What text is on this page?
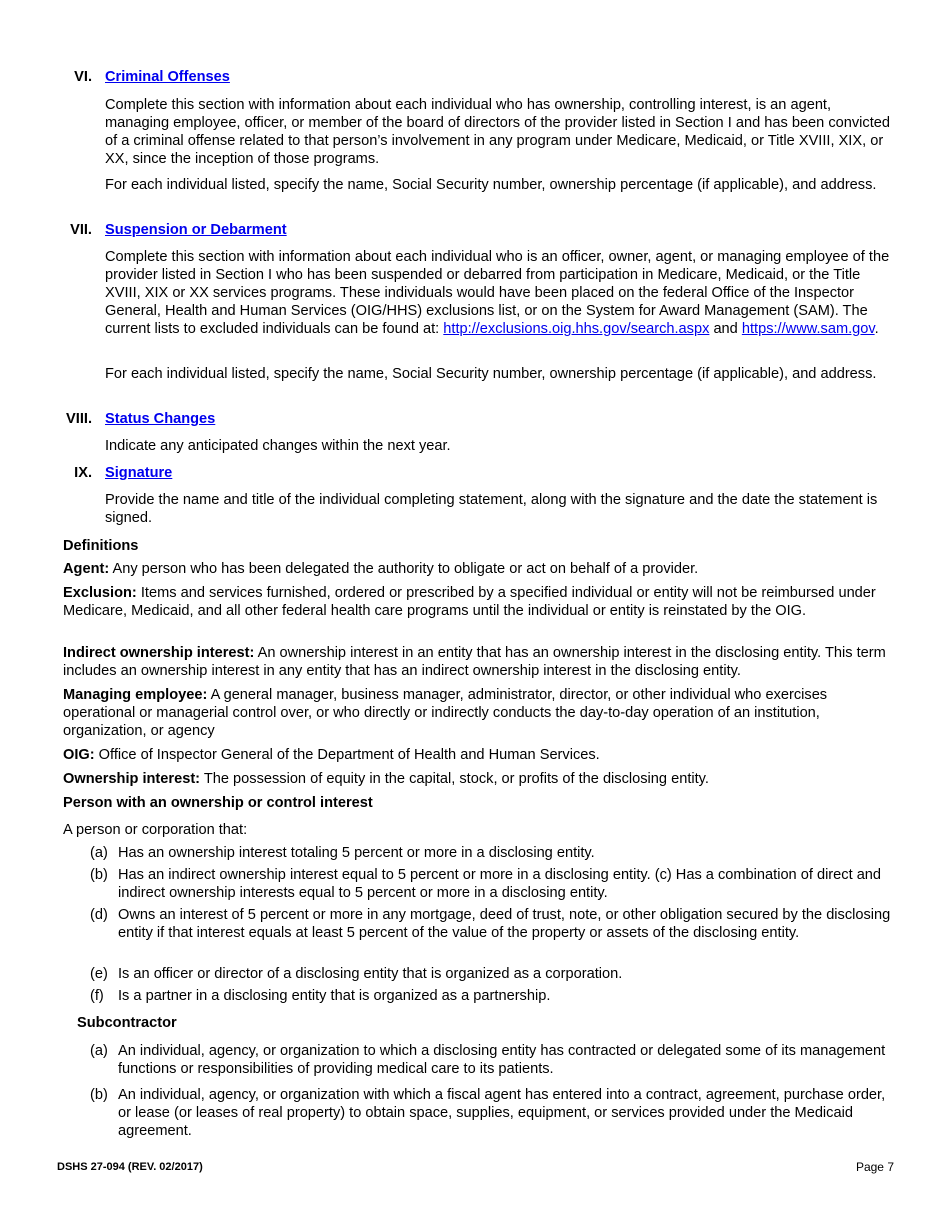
VI. Criminal Offenses

Complete this section with information about each individual who has ownership, controlling interest, is an agent, managing employee, officer, or member of the board of directors of the provider listed in Section I and has been convicted of a criminal offense related to that person’s involvement in any program under Medicare, Medicaid, or Title XVIII, XIX, or XX, since the inception of those programs.

For each individual listed, specify the name, Social Security number, ownership percentage (if applicable), and address.

VII. Suspension or Debarment

Complete this section with information about each individual who is an officer, owner, agent, or managing employee of the provider listed in Section I who has been suspended or debarred from participation in Medicare, Medicaid, or the Title XVIII, XIX or XX services programs. These individuals would have been placed on the federal Office of the Inspector General, Health and Human Services (OIG/HHS) exclusions list, or on the System for Award Management (SAM). The current lists to excluded individuals can be found at: http://exclusions.oig.hhs.gov/search.aspx and https://www.sam.gov.

For each individual listed, specify the name, Social Security number, ownership percentage (if applicable), and address.

VIII. Status Changes

Indicate any anticipated changes within the next year.

IX. Signature

Provide the name and title of the individual completing statement, along with the signature and the date the statement is signed.

Definitions

Agent: Any person who has been delegated the authority to obligate or act on behalf of a provider.

Exclusion: Items and services furnished, ordered or prescribed by a specified individual or entity will not be reimbursed under Medicare, Medicaid, and all other federal health care programs until the individual or entity is reinstated by the OIG.

Indirect ownership interest: An ownership interest in an entity that has an ownership interest in the disclosing entity. This term includes an ownership interest in any entity that has an indirect ownership interest in the disclosing entity.

Managing employee: A general manager, business manager, administrator, director, or other individual who exercises operational or managerial control over, or who directly or indirectly conducts the day-to-day operation of an institution, organization, or agency

OIG: Office of Inspector General of the Department of Health and Human Services.

Ownership interest: The possession of equity in the capital, stock, or profits of the disclosing entity.

Person with an ownership or control interest
A person or corporation that:
(a) Has an ownership interest totaling 5 percent or more in a disclosing entity.
(b) Has an indirect ownership interest equal to 5 percent or more in a disclosing entity. (c) Has a combination of direct and indirect ownership interests equal to 5 percent or more in a disclosing entity.
(d) Owns an interest of 5 percent or more in any mortgage, deed of trust, note, or other obligation secured by the disclosing entity if that interest equals at least 5 percent of the value of the property or assets of the disclosing entity.
(e) Is an officer or director of a disclosing entity that is organized as a corporation.
(f) Is a partner in a disclosing entity that is organized as a partnership.
Subcontractor
(a) An individual, agency, or organization to which a disclosing entity has contracted or delegated some of its management functions or responsibilities of providing medical care to its patients.
(b) An individual, agency, or organization with which a fiscal agent has entered into a contract, agreement, purchase order, or lease (or leases of real property) to obtain space, supplies, equipment, or services provided under the Medicaid agreement.
DSHS 27-094 (REV. 02/2017)	Page 7
